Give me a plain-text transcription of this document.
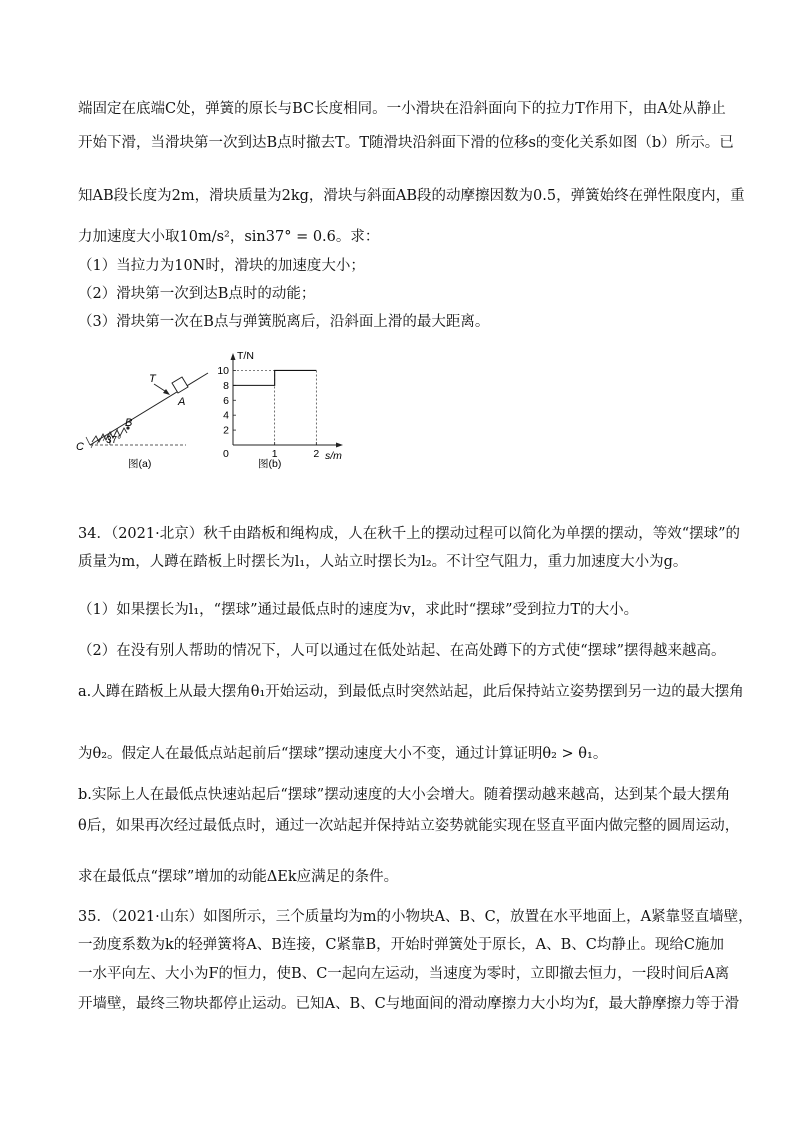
端固定在底端C处，弹簧的原长与BC长度相同。一小滑块在沿斜面向下的拉力T作用下，由A处从静止
开始下滑，当滑块第一次到达B点时撤去T。T随滑块沿斜面下滑的位移s的变化关系如图（b）所示。已
知AB段长度为2m，滑块质量为2kg，滑块与斜面AB段的动摩擦因数为0.5，弹簧始终在弹性限度内，重
力加速度大小取10m/s²，sin37° = 0.6。求：
（1）当拉力为10N时，滑块的加速度大小；
（2）滑块第一次到达B点时的动能；
（3）滑块第一次在B点与弹簧脱离后，沿斜面上滑的最大距离。
T
A
B
C
37°
图(a)
T/N
s/m
0
2
4
6
8
10
1	2
图(b)
34．（2021·北京）秋千由踏板和绳构成，人在秋千上的摆动过程可以简化为单摆的摆动，等效“摆球”的
质量为m，人蹲在踏板上时摆长为l₁，人站立时摆长为l₂。不计空气阻力，重力加速度大小为g。
（1）如果摆长为l₁，“摆球”通过最低点时的速度为v，求此时“摆球”受到拉力T的大小。
（2）在没有别人帮助的情况下，人可以通过在低处站起、在高处蹲下的方式使“摆球”摆得越来越高。
a.人蹲在踏板上从最大摆角θ₁开始运动，到最低点时突然站起，此后保持站立姿势摆到另一边的最大摆角
为θ₂。假定人在最低点站起前后“摆球”摆动速度大小不变，通过计算证明θ₂ > θ₁。
b.实际上人在最低点快速站起后“摆球”摆动速度的大小会增大。随着摆动越来越高，达到某个最大摆角
θ后，如果再次经过最低点时，通过一次站起并保持站立姿势就能实现在竖直平面内做完整的圆周运动，
求在最低点“摆球”增加的动能ΔEk应满足的条件。
35．（2021·山东）如图所示，三个质量均为m的小物块A、B、C，放置在水平地面上，A紧靠竖直墙壁，
一劲度系数为k的轻弹簧将A、B连接，C紧靠B，开始时弹簧处于原长，A、B、C均静止。现给C施加
一水平向左、大小为F的恒力，使B、C一起向左运动，当速度为零时，立即撤去恒力，一段时间后A离
开墙壁，最终三物块都停止运动。已知A、B、C与地面间的滑动摩擦力大小均为f，最大静摩擦力等于滑
